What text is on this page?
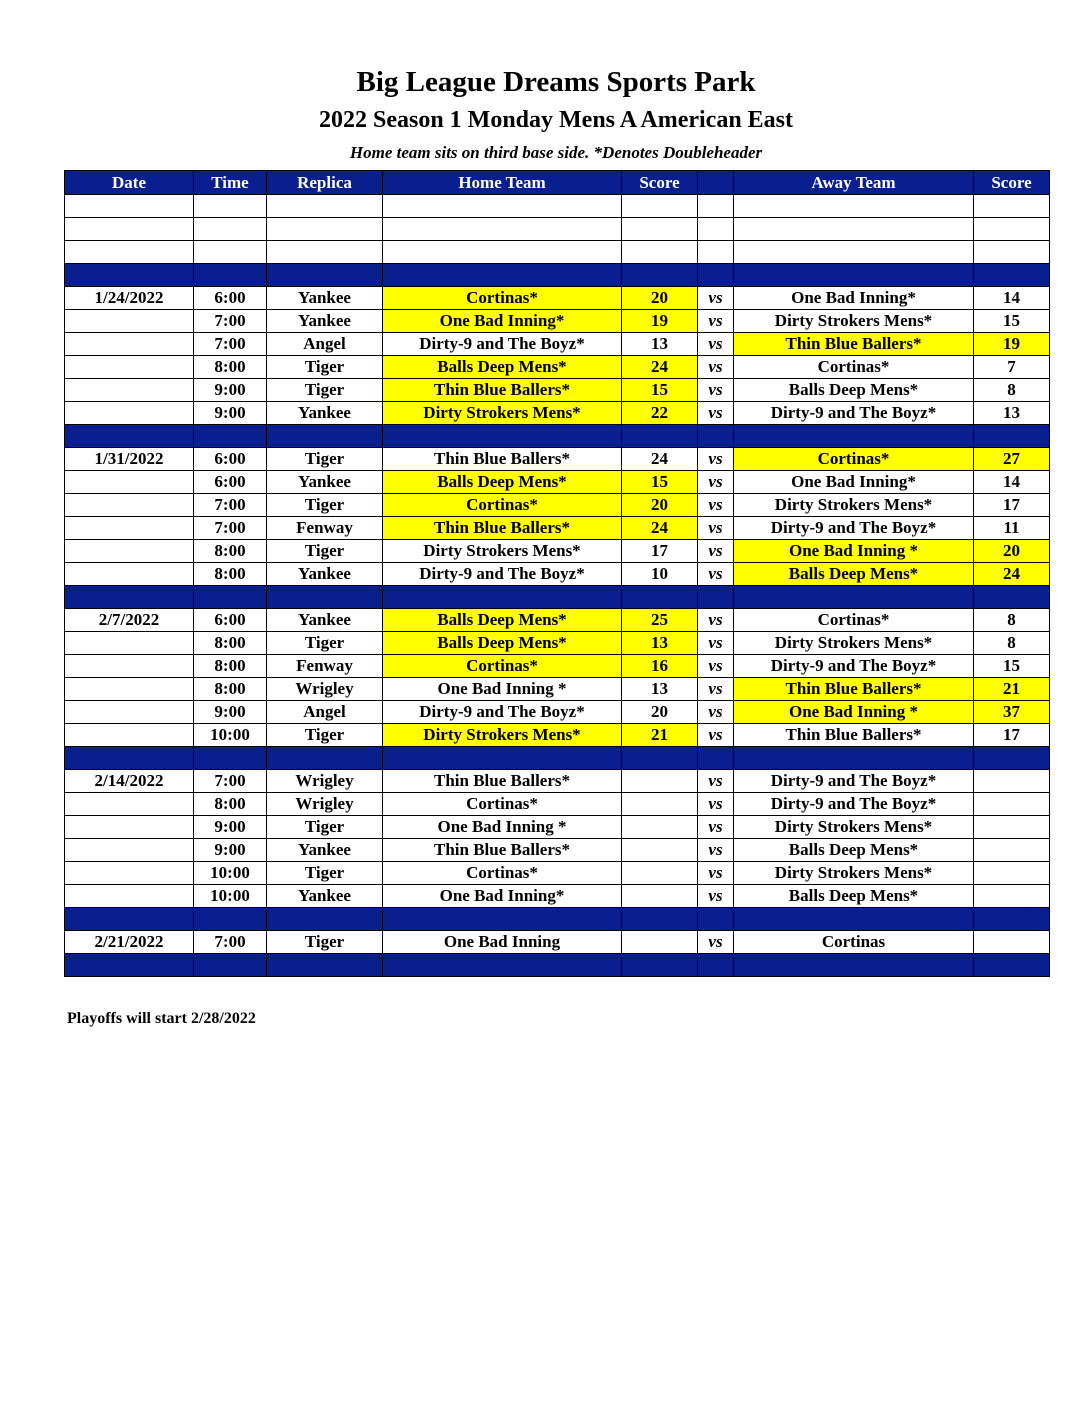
Big League Dreams Sports Park
2022 Season 1 Monday Mens A American East
Home team sits on third base side. *Denotes Doubleheader
Date	Time	Replica	Home Team	Score		Away Team	Score

1/24/2022	6:00	Yankee	Cortinas*	20	vs	One Bad Inning*	14
	7:00	Yankee	One Bad Inning*	19	vs	Dirty Strokers Mens*	15
	7:00	Angel	Dirty-9 and The Boyz*	13	vs	Thin Blue Ballers*	19
	8:00	Tiger	Balls Deep Mens*	24	vs	Cortinas*	7
	9:00	Tiger	Thin Blue Ballers*	15	vs	Balls Deep Mens*	8
	9:00	Yankee	Dirty Strokers Mens*	22	vs	Dirty-9 and The Boyz*	13

1/31/2022	6:00	Tiger	Thin Blue Ballers*	24	vs	Cortinas*	27
	6:00	Yankee	Balls Deep Mens*	15	vs	One Bad Inning*	14
	7:00	Tiger	Cortinas*	20	vs	Dirty Strokers Mens*	17
	7:00	Fenway	Thin Blue Ballers*	24	vs	Dirty-9 and The Boyz*	11
	8:00	Tiger	Dirty Strokers Mens*	17	vs	One Bad Inning *	20
	8:00	Yankee	Dirty-9 and The Boyz*	10	vs	Balls Deep Mens*	24

2/7/2022	6:00	Yankee	Balls Deep Mens*	25	vs	Cortinas*	8
	8:00	Tiger	Balls Deep Mens*	13	vs	Dirty Strokers Mens*	8
	8:00	Fenway	Cortinas*	16	vs	Dirty-9 and The Boyz*	15
	8:00	Wrigley	One Bad Inning *	13	vs	Thin Blue Ballers*	21
	9:00	Angel	Dirty-9 and The Boyz*	20	vs	One Bad Inning *	37
	10:00	Tiger	Dirty Strokers Mens*	21	vs	Thin Blue Ballers*	17

2/14/2022	7:00	Wrigley	Thin Blue Ballers*		vs	Dirty-9 and The Boyz*	
	8:00	Wrigley	Cortinas*		vs	Dirty-9 and The Boyz*	
	9:00	Tiger	One Bad Inning *		vs	Dirty Strokers Mens*	
	9:00	Yankee	Thin Blue Ballers*		vs	Balls Deep Mens*	
	10:00	Tiger	Cortinas*		vs	Dirty Strokers Mens*	
	10:00	Yankee	One Bad Inning*		vs	Balls Deep Mens*	

2/21/2022	7:00	Tiger	One Bad Inning		vs	Cortinas	

Playoffs will start 2/28/2022
